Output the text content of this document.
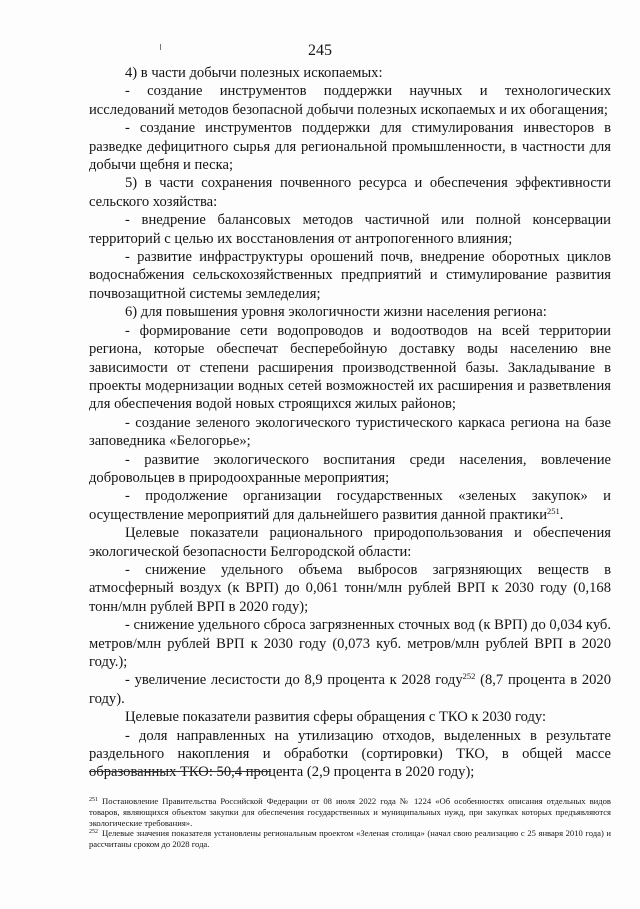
245

4) в части добычи полезных ископаемых:

- создание инструментов поддержки научных и технологических исследований методов безопасной добычи полезных ископаемых и их обогащения;

- создание инструментов поддержки для стимулирования инвесторов в разведке дефицитного сырья для региональной промышленности, в частности для добычи щебня и песка;

5) в части сохранения почвенного ресурса и обеспечения эффективности сельского хозяйства:

- внедрение балансовых методов частичной или полной консервации территорий с целью их восстановления от антропогенного влияния;

- развитие инфраструктуры орошений почв, внедрение оборотных циклов водоснабжения сельскохозяйственных предприятий и стимулирование развития почвозащитной системы земледелия;

6) для повышения уровня экологичности жизни населения региона:

- формирование сети водопроводов и водоотводов на всей территории региона, которые обеспечат бесперебойную доставку воды населению вне зависимости от степени расширения производственной базы. Закладывание в проекты модернизации водных сетей возможностей их расширения и разветвления для обеспечения водой новых строящихся жилых районов;

- создание зеленого экологического туристического каркаса региона на базе заповедника «Белогорье»;

- развитие экологического воспитания среди населения, вовлечение добровольцев в природоохранные мероприятия;

- продолжение организации государственных «зеленых закупок» и осуществление мероприятий для дальнейшего развития данной практики$^{251}$.

Целевые показатели рационального природопользования и обеспечения экологической безопасности Белгородской области:

- снижение удельного объема выбросов загрязняющих веществ в атмосферный воздух (к ВРП) до 0,061 тонн/млн рублей ВРП к 2030 году (0,168 тонн/млн рублей ВРП в 2020 году);

- снижение удельного сброса загрязненных сточных вод (к ВРП) до 0,034 куб. метров/млн рублей ВРП к 2030 году (0,073 куб. метров/млн рублей ВРП в 2020 году.);

- увеличение лесистости до 8,9 процента к 2028 году$^{252}$ (8,7 процента в 2020 году).

Целевые показатели развития сферы обращения с ТКО к 2030 году:

- доля направленных на утилизацию отходов, выделенных в результате раздельного накопления и обработки (сортировки) ТКО, в общей массе образованных ТКО: 50,4 процента (2,9 процента в 2020 году);

$^{251}$ Постановление Правительства Российской Федерации от 08 июля 2022 года № 1224 «Об особенностях описания отдельных видов товаров, являющихся объектом закупки для обеспечения государственных и муниципальных нужд, при закупках которых предъявляются экологические требования».

$^{252}$ Целевые значения показателя установлены региональным проектом «Зеленая столица» (начал свою реализацию с 25 января 2010 года) и рассчитаны сроком до 2028 года.
